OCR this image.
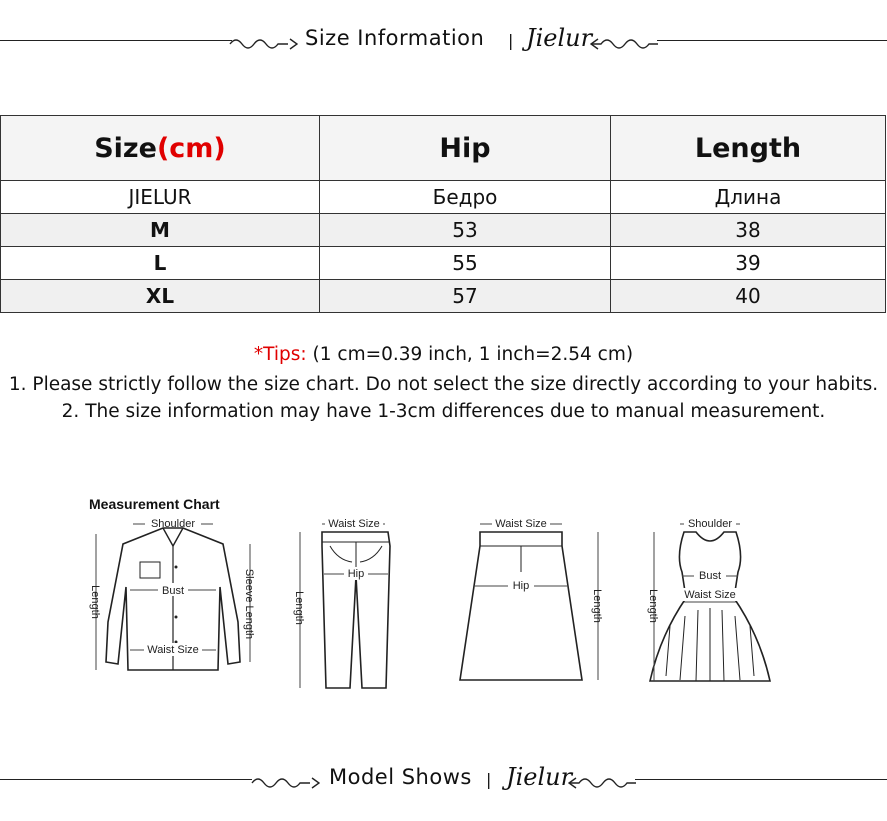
Size Information | Jielur
Size(cm)	Hip	Length
JIELUR	Бедро	Длина
M	53	38
L	55	39
XL	57	40
*Tips: (1 cm=0.39 inch, 1 inch=2.54 cm)
1. Please strictly follow the size chart. Do not select the size directly according to your habits.
2. The size information may have 1-3cm differences due to manual measurement.
Measurement Chart
Shoulder
Bust
Waist Size
Length	Sleeve Length
Waist Size
Hip
Length
Waist Size
Hip
Length
Shoulder
Bust
Waist Size
Length
Model Shows | Jielur
